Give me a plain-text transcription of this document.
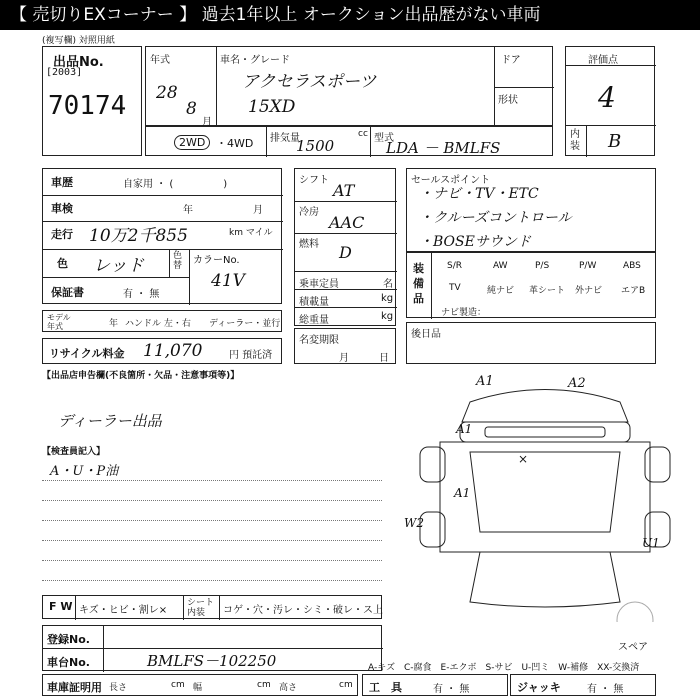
【 売切りEXコーナー 】 過去1年以上 オークション出品歴がない車両
(複写欄) 対照用紙
出品No.
[2003]
70174
年式
28
8
月
車名・グレード
アクセラスポーツ
15XD
ドア
形状
2WD ・4WD 排気量	cc
1500	型式
LDA － BMLFS
評価点
4
内装 B
車歴	自家用 ・ (　　　　　)
車検	年	月
走行 10万2千855	km マイル
色 レッド	色替 カラーNo.
41V
保証書	有 ・ 無
モデル年式	年 ハンドル 左・右 ディーラー・並行
リサイクル料金 11,070	円 預託済
シフト
AT
冷房
AAC
燃料 D
乗車定員	名
積載量	kg
総重量	kg
名変期限
月	日
セールスポイント
・ナビ・TV・ETC
・クルーズコントロール
・BOSEサウンド
装備品
S/R	AW	P/S	P/W	ABS
TV	純ナビ 革シート 外ナビ エアB
ナビ製造：
後日品
【出品店申告欄(不良箇所・欠品・注意事項等)】
ディーラー出品
【検査員記入】
A・U・P油
A1	A2
A1
×
A1
W2
U1
スペア
F W キズ・ヒビ・割レ×
シート内装	コゲ・穴・汚レ・シミ・破レ・ス上
登録No.
車台No.	BMLFS－102250	A-キズ　C-腐食　E-エクボ　S-サビ　U-凹ミ　W-補修　XX-交換済
車庫証明用 長さ	cm 幅	cm 高さ	cm 工　具	有 ・ 無	ジャッキ	有 ・ 無
